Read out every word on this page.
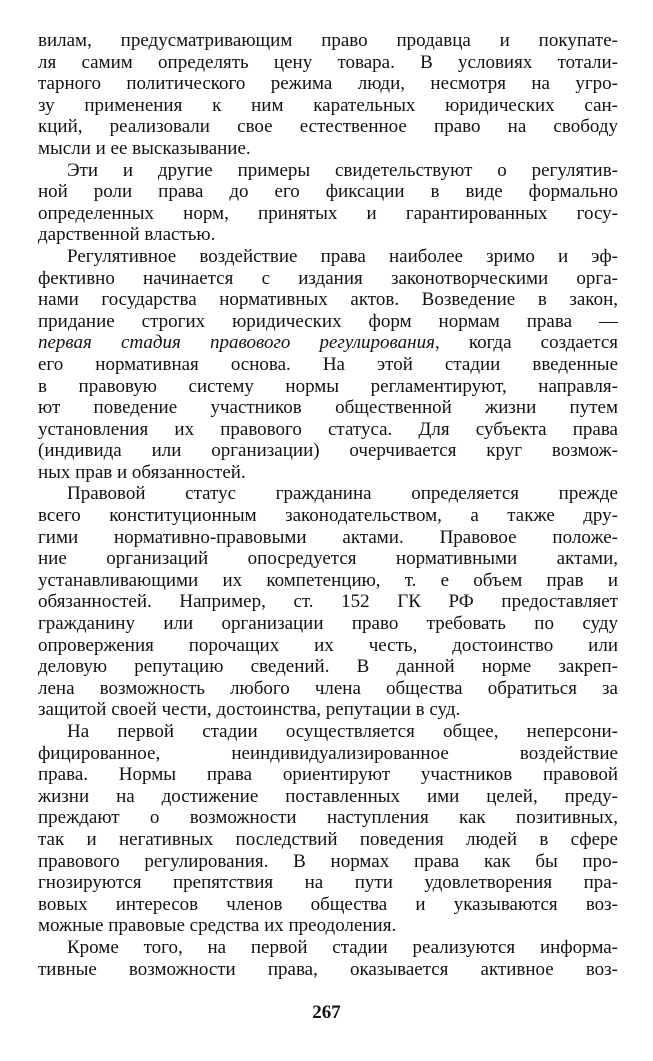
вилам, предусматривающим право продавца и покупате-
ля самим определять цену товара. В условиях тотали-
тарного политического режима люди, несмотря на угро-
зу применения к ним карательных юридических сан-
кций, реализовали свое естественное право на свободу
мысли и ее высказывание.
Эти и другие примеры свидетельствуют о регулятив-
ной роли права до его фиксации в виде формально
определенных норм, принятых и гарантированных госу-
дарственной властью.
Регулятивное воздействие права наиболее зримо и эф-
фективно начинается с издания законотворческими орга-
нами государства нормативных актов. Возведение в закон,
придание строгих юридических форм нормам права —
первая стадия правового регулирования, когда создается
его нормативная основа. На этой стадии введенные
в правовую систему нормы регламентируют, направля-
ют поведение участников общественной жизни путем
установления их правового статуса. Для субъекта права
(индивида или организации) очерчивается круг возмож-
ных прав и обязанностей.
Правовой статус гражданина определяется прежде
всего конституционным законодательством, а также дру-
гими нормативно-правовыми актами. Правовое положе-
ние организаций опосредуется нормативными актами,
устанавливающими их компетенцию, т. е объем прав и
обязанностей. Например, ст. 152 ГК РФ предоставляет
гражданину или организации право требовать по суду
опровержения порочащих их честь, достоинство или
деловую репутацию сведений. В данной норме закреп-
лена возможность любого члена общества обратиться за
защитой своей чести, достоинства, репутации в суд.
На первой стадии осуществляется общее, неперсони-
фицированное, неиндивидуализированное воздействие
права. Нормы права ориентируют участников правовой
жизни на достижение поставленных ими целей, преду-
преждают о возможности наступления как позитивных,
так и негативных последствий поведения людей в сфере
правового регулирования. В нормах права как бы про-
гнозируются препятствия на пути удовлетворения пра-
вовых интересов членов общества и указываются воз-
можные правовые средства их преодоления.
Кроме того, на первой стадии реализуются информа-
тивные возможности права, оказывается активное воз-
267
